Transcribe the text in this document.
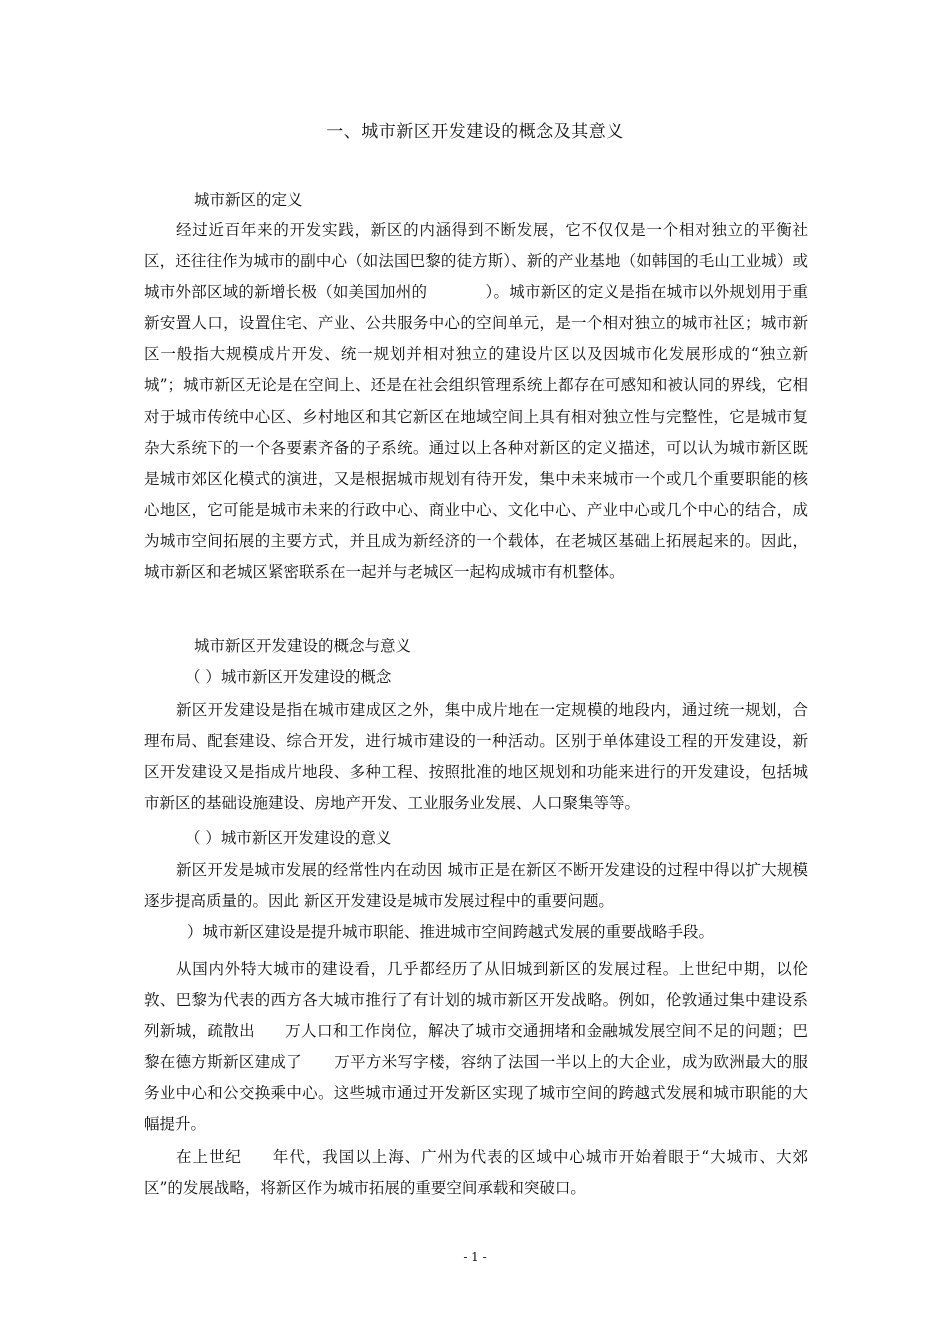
一、城市新区开发建设的概念及其意义
城市新区的定义

经过近百年来的开发实践，新区的内涵得到不断发展，它不仅仅是一个相对独立的平衡社区，还往往作为城市的副中心（如法国巴黎的徒方斯）、新的产业基地（如韩国的毛山工业城）或城市外部区域的新增长极（如美国加州的	）。城市新区的定义是指在城市以外规划用于重新安置人口，设置住宅、产业、公共服务中心的空间单元，是一个相对独立的城市社区；城市新区一般指大规模成片开发、统一规划并相对独立的建设片区以及因城市化发展形成的“独立新城”；城市新区无论是在空间上、还是在社会组织管理系统上都存在可感知和被认同的界线，它相对于城市传统中心区、乡村地区和其它新区在地域空间上具有相对独立性与完整性，它是城市复杂大系统下的一个各要素齐备的子系统。通过以上各种对新区的定义描述，可以认为城市新区既是城市郊区化模式的演进，又是根据城市规划有待开发，集中未来城市一个或几个重要职能的核心地区，它可能是城市未来的行政中心、商业中心、文化中心、产业中心或几个中心的结合，成为城市空间拓展的主要方式，并且成为新经济的一个载体，在老城区基础上拓展起来的。因此，城市新区和老城区紧密联系在一起并与老城区一起构成城市有机整体。

城市新区开发建设的概念与意义
（ ）城市新区开发建设的概念

新区开发建设是指在城市建成区之外，集中成片地在一定规模的地段内，通过统一规划，合理布局、配套建设、综合开发，进行城市建设的一种活动。区别于单体建设工程的开发建设，新区开发建设又是指成片地段、多种工程、按照批准的地区规划和功能来进行的开发建设，包括城市新区的基础设施建设、房地产开发、工业服务业发展、人口聚集等等。

（ ）城市新区开发建设的意义

新区开发是城市发展的经常性内在动因 城市正是在新区不断开发建设的过程中得以扩大规模 逐步提高质量的。因此 新区开发建设是城市发展过程中的重要问题。

）城市新区建设是提升城市职能、推进城市空间跨越式发展的重要战略手段。

从国内外特大城市的建设看，几乎都经历了从旧城到新区的发展过程。上世纪中期，以伦敦、巴黎为代表的西方各大城市推行了有计划的城市新区开发战略。例如，伦敦通过集中建设系列新城，疏散出 万人口和工作岗位，解决了城市交通拥堵和金融城发展空间不足的问题；巴黎在德方斯新区建成了 万平方米写字楼，容纳了法国一半以上的大企业，成为欧洲最大的服务业中心和公交换乘中心。这些城市通过开发新区实现了城市空间的跨越式发展和城市职能的大幅提升。

在上世纪 年代，我国以上海、广州为代表的区域中心城市开始着眼于“大城市、大郊区”的发展战略，将新区作为城市拓展的重要空间承载和突破口。

- 1 -
